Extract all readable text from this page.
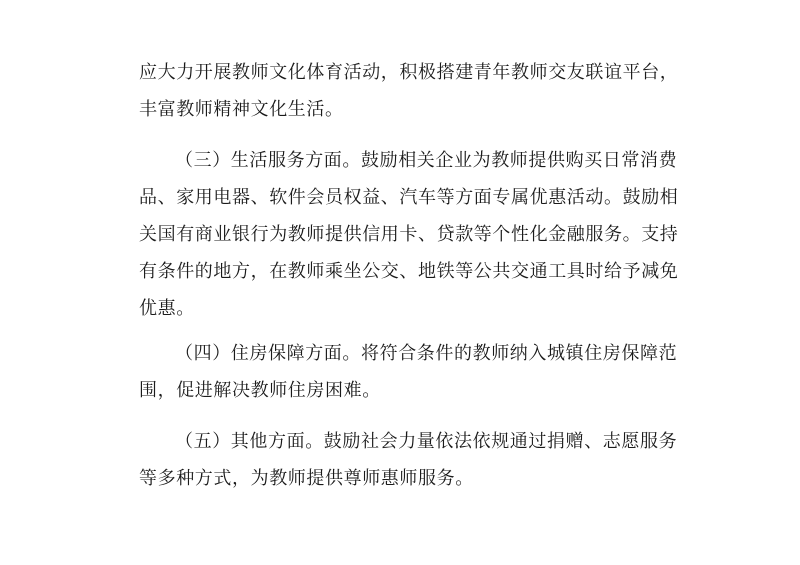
应大力开展教师文化体育活动，积极搭建青年教师交友联谊平台，
丰富教师精神文化生活。
（三）生活服务方面。鼓励相关企业为教师提供购买日常消费
品、家用电器、软件会员权益、汽车等方面专属优惠活动。鼓励相
关国有商业银行为教师提供信用卡、贷款等个性化金融服务。支持
有条件的地方，在教师乘坐公交、地铁等公共交通工具时给予减免
优惠。
（四）住房保障方面。将符合条件的教师纳入城镇住房保障范
围，促进解决教师住房困难。
（五）其他方面。鼓励社会力量依法依规通过捐赠、志愿服务
等多种方式，为教师提供尊师惠师服务。
